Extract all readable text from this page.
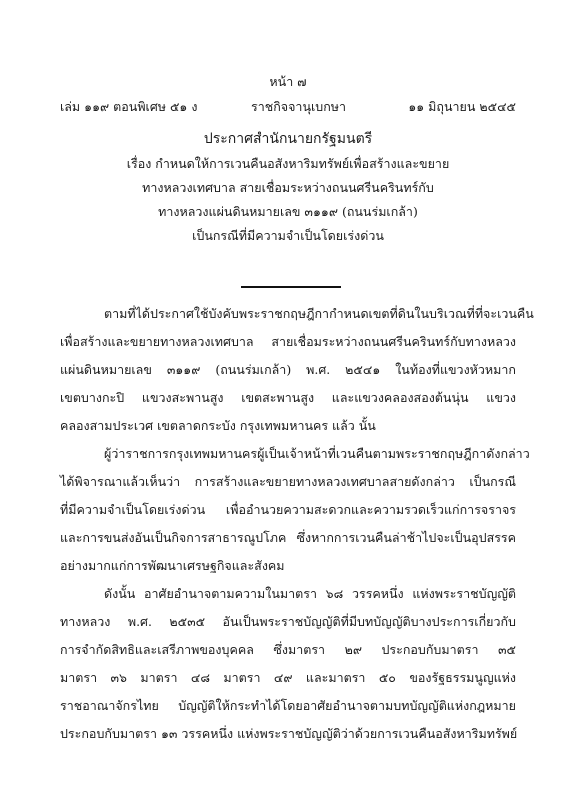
หน้า ๗
เล่ม ๑๑๙ ตอนพิเศษ ๕๑ ง	ราชกิจจานุเบกษา	๑๑ มิถุนายน ๒๕๔๕
ประกาศสำนักนายกรัฐมนตรี
เรื่อง กำหนดให้การเวนคืนอสังหาริมทรัพย์เพื่อสร้างและขยาย
ทางหลวงเทศบาล สายเชื่อมระหว่างถนนศรีนครินทร์กับ
ทางหลวงแผ่นดินหมายเลข ๓๑๑๙ (ถนนร่มเกล้า)
เป็นกรณีที่มีความจำเป็นโดยเร่งด่วน
ตามที่ได้ประกาศใช้บังคับพระราชกฤษฎีกากำหนดเขตที่ดินในบริเวณที่ที่จะเวนคืน
เพื่อสร้างและขยายทางหลวงเทศบาล สายเชื่อมระหว่างถนนศรีนครินทร์กับทางหลวง
แผ่นดินหมายเลข ๓๑๑๙ (ถนนร่มเกล้า) พ.ศ. ๒๕๔๑ ในท้องที่แขวงหัวหมาก
เขตบางกะปิ แขวงสะพานสูง เขตสะพานสูง และแขวงคลองสองต้นนุ่น แขวง
คลองสามประเวศ เขตลาดกระบัง กรุงเทพมหานคร แล้ว นั้น
ผู้ว่าราชการกรุงเทพมหานครผู้เป็นเจ้าหน้าที่เวนคืนตามพระราชกฤษฎีกาดังกล่าว
ได้พิจารณาแล้วเห็นว่า การสร้างและขยายทางหลวงเทศบาลสายดังกล่าว เป็นกรณี
ที่มีความจำเป็นโดยเร่งด่วน เพื่ออำนวยความสะดวกและความรวดเร็วแก่การจราจร
และการขนส่งอันเป็นกิจการสาธารณูปโภค ซึ่งหากการเวนคืนล่าช้าไปจะเป็นอุปสรรค
อย่างมากแก่การพัฒนาเศรษฐกิจและสังคม
ดังนั้น อาศัยอำนาจตามความในมาตรา ๖๘ วรรคหนึ่ง แห่งพระราชบัญญัติ
ทางหลวง พ.ศ. ๒๕๓๕ อันเป็นพระราชบัญญัติที่มีบทบัญญัติบางประการเกี่ยวกับ
การจำกัดสิทธิและเสรีภาพของบุคคล ซึ่งมาตรา ๒๙ ประกอบกับมาตรา ๓๕
มาตรา ๓๖ มาตรา ๔๘ มาตรา ๔๙ และมาตรา ๕๐ ของรัฐธรรมนูญแห่ง
ราชอาณาจักรไทย บัญญัติให้กระทำได้โดยอาศัยอำนาจตามบทบัญญัติแห่งกฎหมาย
ประกอบกับมาตรา ๑๓ วรรคหนึ่ง แห่งพระราชบัญญัติว่าด้วยการเวนคืนอสังหาริมทรัพย์
